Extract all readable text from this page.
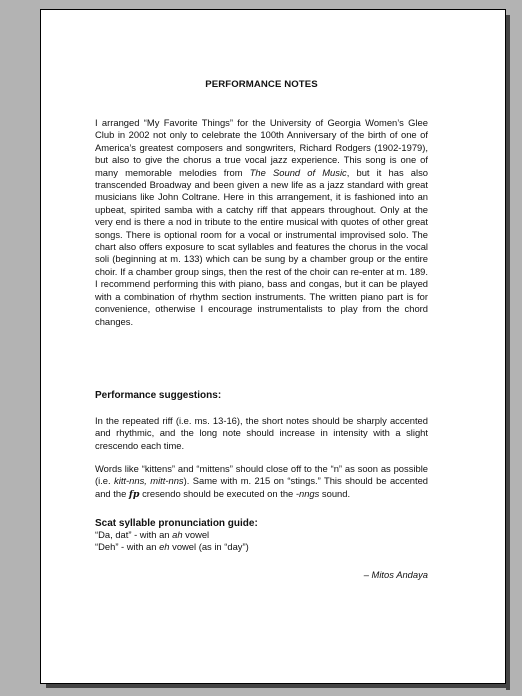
PERFORMANCE NOTES

I arranged “My Favorite Things” for the University of Georgia Women’s Glee Club in 2002 not only to celebrate the 100th Anniversary of the birth of one of America’s greatest composers and songwriters, Richard Rodgers (1902-1979), but also to give the chorus a true vocal jazz experience. This song is one of many memorable melodies from The Sound of Music, but it has also transcended Broadway and been given a new life as a jazz standard with great musicians like John Coltrane. Here in this arrangement, it is fashioned into an upbeat, spirited samba with a catchy riff that appears throughout. Only at the very end is there a nod in tribute to the entire musical with quotes of other great songs. There is optional room for a vocal or instrumental improvised solo. The chart also offers exposure to scat syllables and features the chorus in the vocal soli (beginning at m. 133) which can be sung by a chamber group or the entire choir. If a chamber group sings, then the rest of the choir can re-enter at m. 189. I recommend performing this with piano, bass and congas, but it can be played with a combination of rhythm section instruments. The written piano part is for convenience, otherwise I encourage instrumentalists to play from the chord changes.

Performance suggestions:

In the repeated riff (i.e. ms. 13-16), the short notes should be sharply accented and rhythmic, and the long note should increase in intensity with a slight crescendo each time.

Words like “kittens” and “mittens” should close off to the “n” as soon as possible (i.e. kitt-nns, mitt-nns). Same with m. 215 on “stings.” This should be accented and the fp cresendo should be executed on the -nngs sound.

Scat syllable pronunciation guide:
“Da, dat” - with an ah vowel
“Deh” - with an eh vowel (as in “day”)
– Mitos Andaya
